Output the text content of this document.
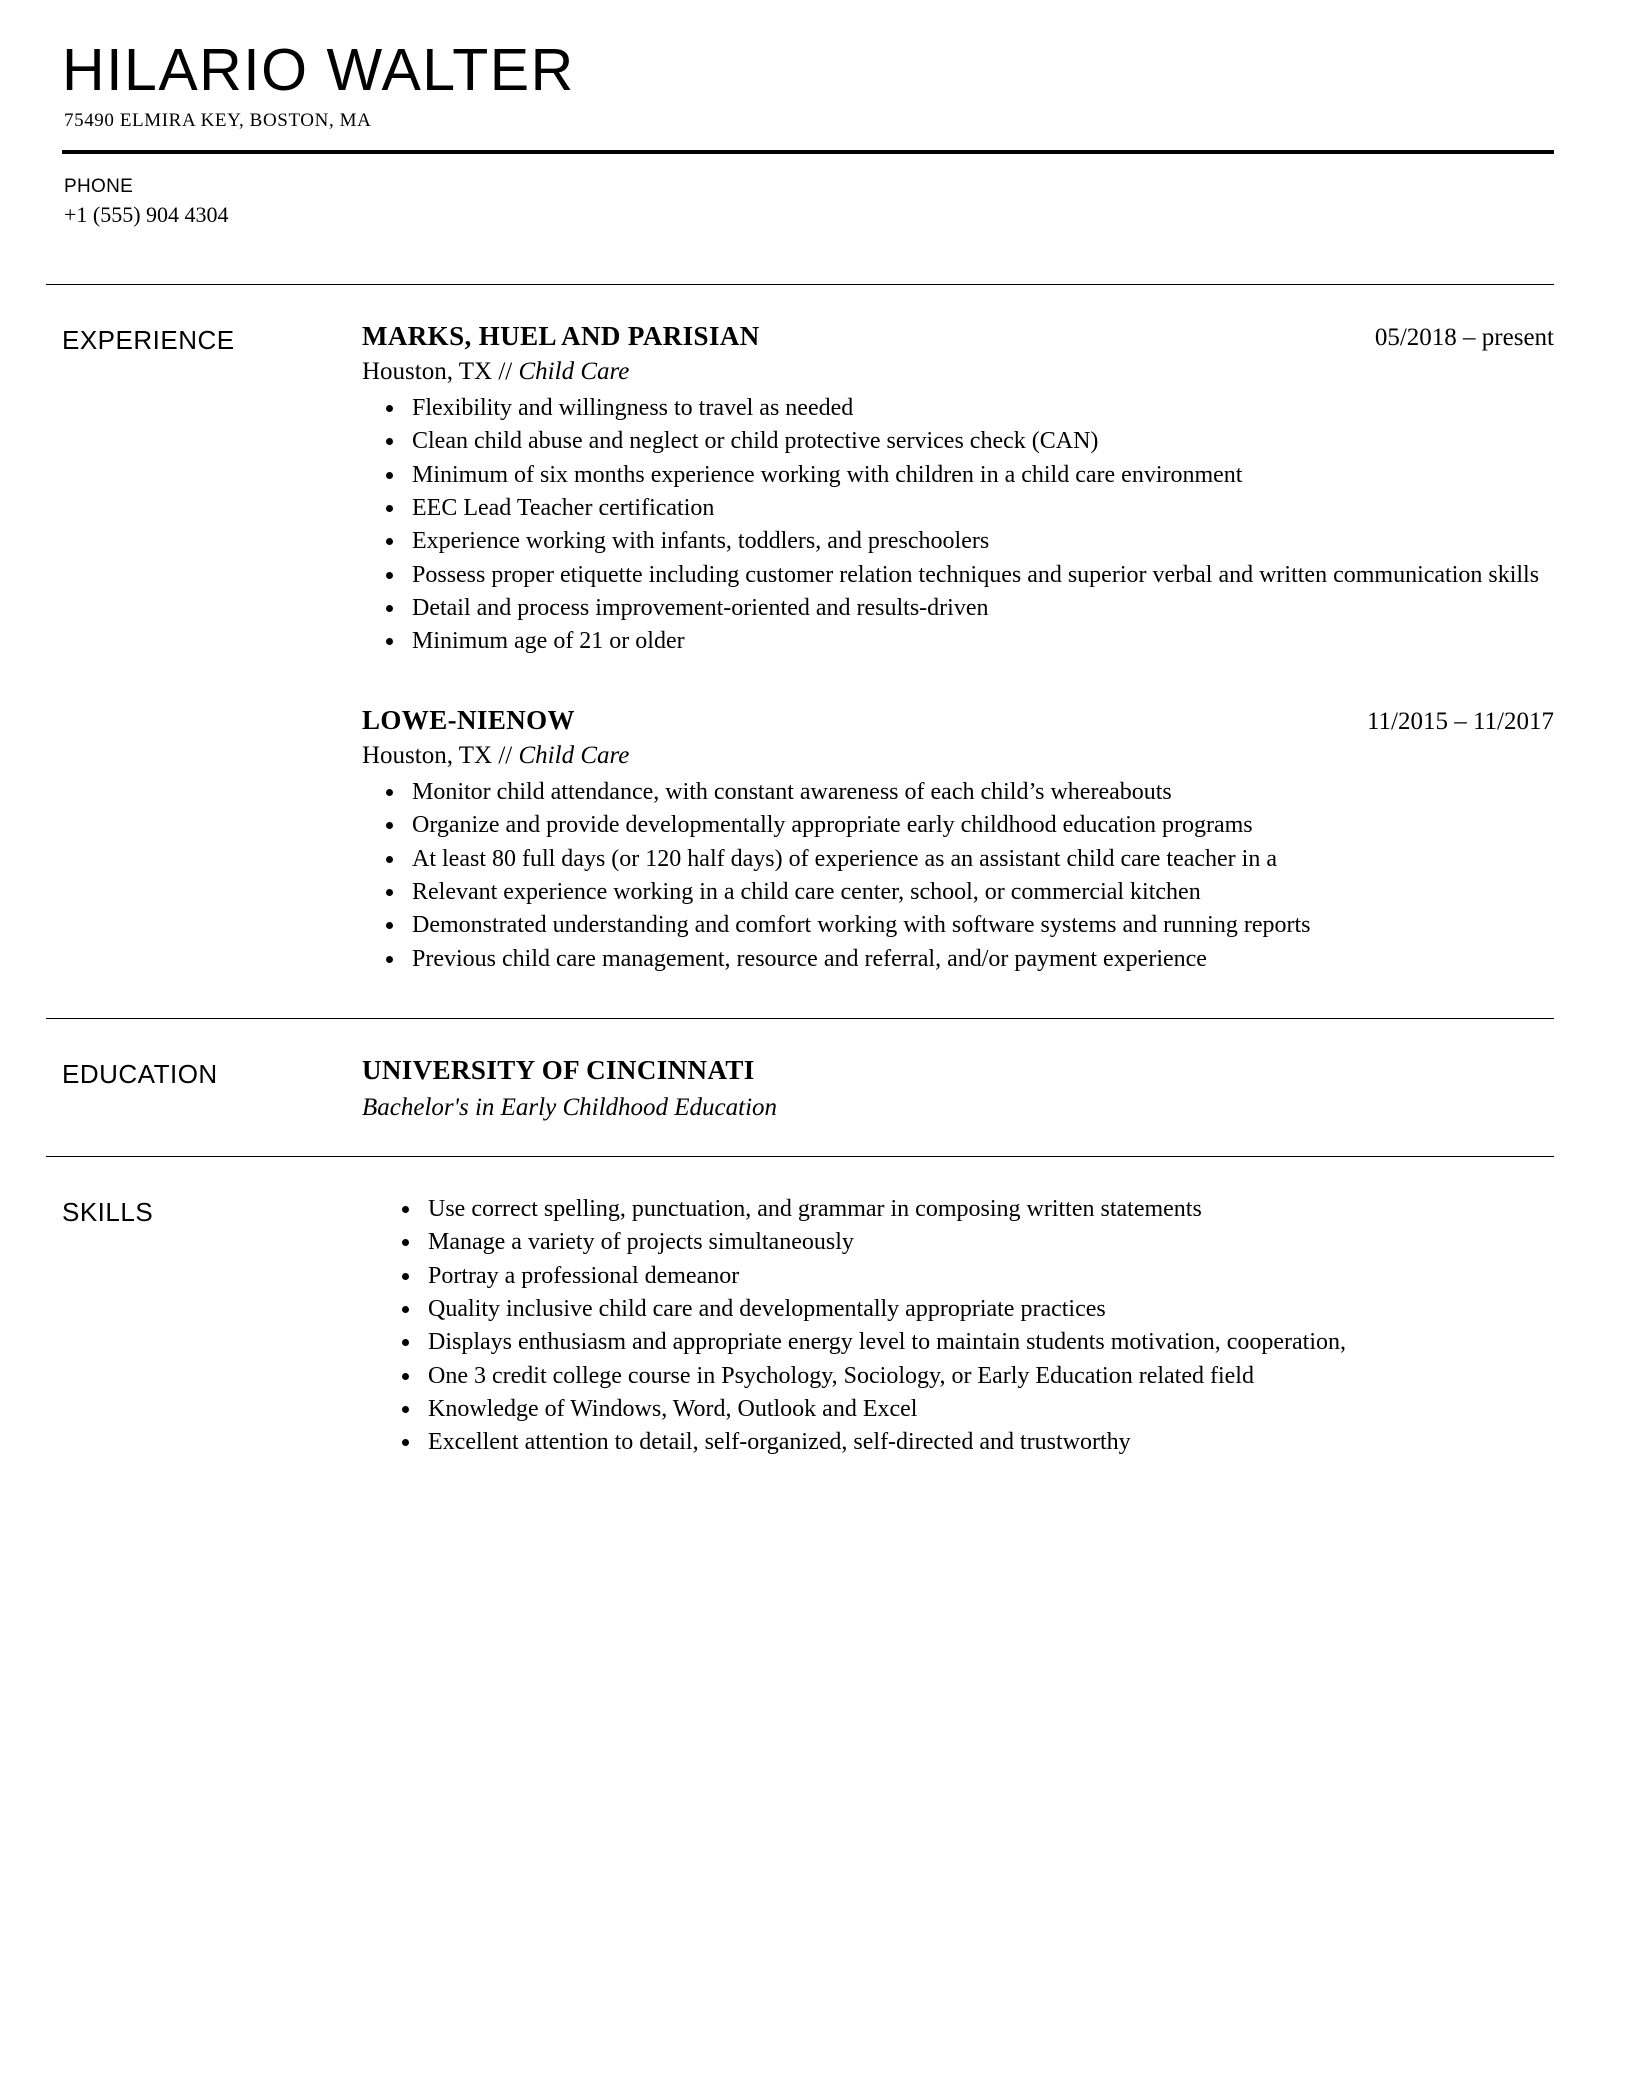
HILARIO WALTER
75490 ELMIRA KEY, BOSTON, MA
PHONE
+1 (555) 904 4304
EXPERIENCE	MARKS, HUEL AND PARISIAN	05/2018 – present
Houston, TX // Child Care
• Flexibility and willingness to travel as needed
• Clean child abuse and neglect or child protective services check (CAN)
• Minimum of six months experience working with children in a child care environment
• EEC Lead Teacher certification
• Experience working with infants, toddlers, and preschoolers
• Possess proper etiquette including customer relation techniques and superior verbal and written communication skills
• Detail and process improvement-oriented and results-driven
• Minimum age of 21 or older
LOWE-NIENOW	11/2015 – 11/2017
Houston, TX // Child Care
• Monitor child attendance, with constant awareness of each child’s whereabouts
• Organize and provide developmentally appropriate early childhood education programs
• At least 80 full days (or 120 half days) of experience as an assistant child care teacher in a
• Relevant experience working in a child care center, school, or commercial kitchen
• Demonstrated understanding and comfort working with software systems and running reports
• Previous child care management, resource and referral, and/or payment experience
EDUCATION	UNIVERSITY OF CINCINNATI
Bachelor's in Early Childhood Education
SKILLS	• Use correct spelling, punctuation, and grammar in composing written statements
• Manage a variety of projects simultaneously
• Portray a professional demeanor
• Quality inclusive child care and developmentally appropriate practices
• Displays enthusiasm and appropriate energy level to maintain students motivation, cooperation,
• One 3 credit college course in Psychology, Sociology, or Early Education related field
• Knowledge of Windows, Word, Outlook and Excel
• Excellent attention to detail, self-organized, self-directed and trustworthy
